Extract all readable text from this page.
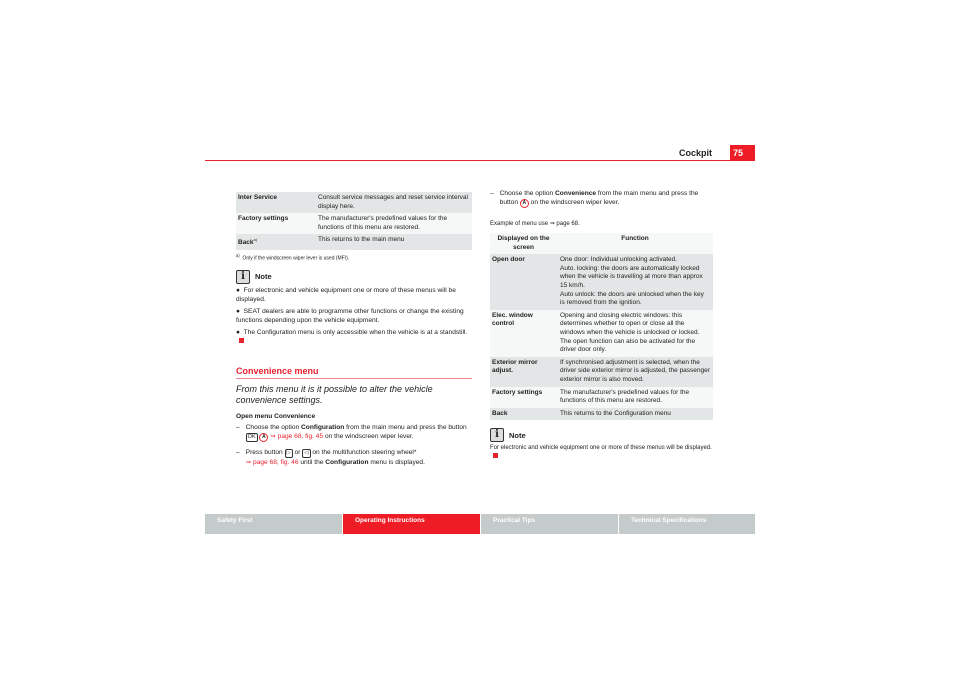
Cockpit	75
Inter Service	Consult service messages and reset service interval display here.
Factory settings	The manufacturer's predefined values for the functions of this menu are restored.
Back$^{a)}$	This returns to the main menu
$^{a)}$  Only if the windscreen wiper lever is used (MFI).
i	Note

●  For electronic and vehicle equipment one or more of these menus will be displayed.

●  SEAT dealers are able to programme other functions or change the existing functions depending upon the vehicle equipment.

●  The Configuration menu is only accessible when the vehicle is at a standstill.

Convenience menu
From this menu it is it possible to alter the vehicle convenience settings.
Open menu Convenience
– Choose the option Configuration from the main menu and press the button OK A ⇒ page 68, fig. 45 on the windscreen wiper lever.
– Press button ▷ or ◁ on the multifunction steering wheel*
⇒ page 68, fig. 46 until the Configuration menu is displayed.
– Choose the option Convenience from the main menu and press the button A on the windscreen wiper lever.
Example of menu use ⇒ page 68.
Displayed on the screen	Function
Open door	One door: Individual unlocking activated.
Auto. locking: the doors are automatically locked when the vehicle is travelling at more than approx 15 km/h.
Auto unlock: the doors are unlocked when the key is removed from the ignition.
Elec. window control	Opening and closing electric windows: this determines whether to open or close all the windows when the vehicle is unlocked or locked. The open function can also be activated for the driver door only.
Exterior mirror adjust.	If synchronised adjustment is selected, when the driver side exterior mirror is adjusted, the passenger exterior mirror is also moved.
Factory settings	The manufacturer's predefined values for the functions of this menu are restored.
Back	This returns to the Configuration menu
i	Note
For electronic and vehicle equipment one or more of these menus will be displayed.
Safety First	Operating Instructions	Practical Tips	Technical Specifications
